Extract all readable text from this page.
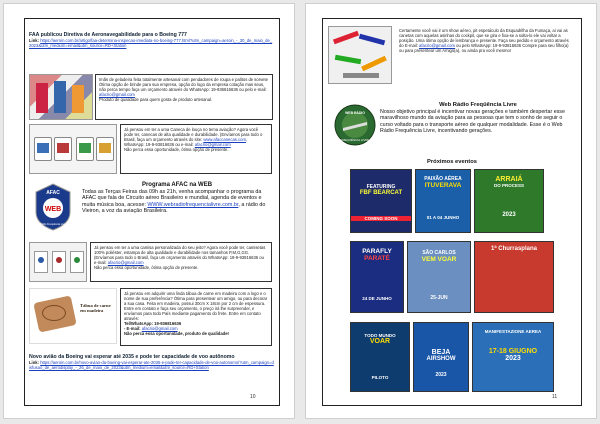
FAA publicou Diretiva de Aeronavegabilidade para o Boeing 777
Link: https://aeroin.com.br/artigo/faa-determina-inspecao-imediata-no-boeing-777.html?utm_campaign=aeroin_-_30_de_maio_de_2023&utm_medium=email&utm_source=RD+Station
Imãs de geladeira feita totalmente artesanal com pendadores de roupa e palitos de sorvete Ótima opção de brinde para sua empresa, opção do logo da empresa cotação mas seus, não perca tempo faça um orçamento através do WhatsApp: 19-936616636 ou pelo e-mail: afacrio@gmail.com
Produto de qualidade para quem gosta de produto artesanal.
Já pensou em ter a uma Caneca de louça no tema aviação? Agora você pode ter, canecas de alta qualidade e durabilidade. (Envíamos para todo o Brasil, faça um orçamento através do site: www.afaccanecas.com, WhatsApp: 19-9-93816636 ou e-mail: afacrio@gmail.com
Não perca essa oportunidade, ótima opção de presente.
AFAC
WEB
Rádio Frequência Livre
Programa AFAC na WEB
Todas as Terças Feiras das 09h as 21h, venha acompanhar o programa da AFAC que fala de Circuito aéreo Brasileiro e mundial, agenda de eventos e muita música boa, acesse: WWW.webradiofrequencialivre.com.br, a rádio do Vieiron, a voz da aviação Brasileira.
Já pensou em ter a uma camisa personalizada do seu jeito? Agora você pode ter, camisetas 100% poliéster, estampa de alta qualidade e durabilidade nos tamanhos P,M,G,GG. (Envíamos para todo o Brasil, faça um orçamento através do WhatsApp: 19-9-93816636 ou e-mail: afacrio@gmail.com
Não perca essa oportunidade, ótima opção de presente.
Tábua de carne em madeira
Já pensou em adquirir uma linda tábua de carne em madeira com a logo e o nome de sua preferência? Ótima para presentear um amigo, ou para decorar a sua casa. Feita em madeira, possui 30cm X 18cm por 2 cm de espessura. Entre em contato e faça seu orçamento, o preço irá lhe surpreender, e envíamos para todo País mediante pagamento do frete. Entre em contato através:
Tel/WhatsApp: 19-936816636
- E-mail: afacrio@gmail.com
Não perca essa oportunidade, produto de qualidade!
Novo avião da Boeing vai esperar até 2035 e pode ter capacidade de voo autônomo
Link: https://aeroin.com.br/novo-aviao-da-boeing-vai-esperar-ate-2035-e-pode-ter-capacidade-de-voo-autonomo/?utm_campaign=disfusao_de_aerodisplay_-_26_de_maio_de_2023&utm_medium=email&utm_source=RD+Station
10
Certamente você vai ir um show aéreo, pit espetáculo da Esquadrilha da Fumaça, ai vai as canetas com aquelas asinhas do cockpit, que se gira e fixa-se a solta-lo ele vai voltar a posição. Uma ótima opção de lembrança e presente. Faça seu pedido e orçamento através do E-mail: afacrio@gmail.com ou pelo WhatsApp: 19-9-93816636 Compre para seu filho(a) ou para presentear um Amigo(a), ou ainda pra você mesmo!
WEB RÁDIO
FREQUÊNCIA LIVRE
Web Rádio Freqüência Livre
Nosso objetivo principal é incentivar novas gerações e também despertar esse maravilhoso mundo da aviação para as pessoas que tem o sonho de seguir o curso voltado para o transporte aéreo de qualquer modalidade. Esse é o Web Rádio Frequência Livre, incentivando gerações.
Próximos eventos
FEATURING
FBF BEARCAT
COMING SOON
PAIXÃO AÉREA
ITUVERAVA
01 A 04 JUNHO
ARRAIÁ
DO PROCESS
2023
PARAFLY
PARATÉ
24 DE JUNHO
SÃO CARLOS
VEM VOAR
25-JUN
1ª Churrasplana
TODO MUNDO
VOAR
PILOTO
BEJA
AIRSHOW
2023
MANIFESTAZIONE AEREA
17-18 GIUGNO
2023
11
